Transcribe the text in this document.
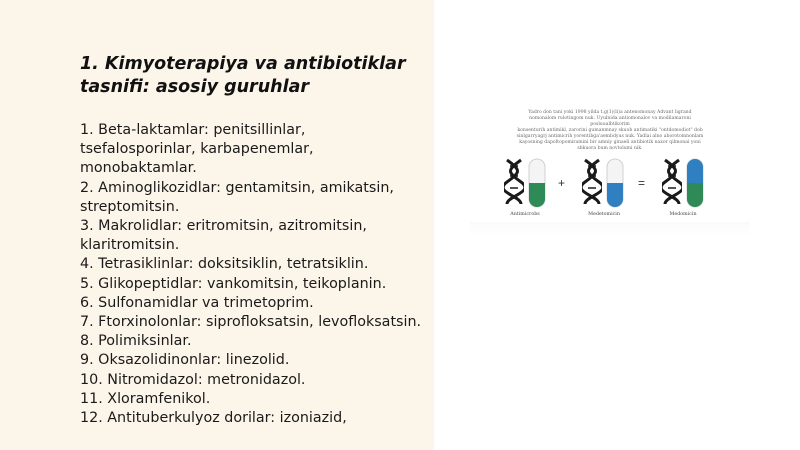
1. Kimyoterapiya va antibiotiklar tasnifi: asosiy guruhlar
1. Beta-laktamlar: penitsillinlar, tsefalosporinlar, karbapenemlar, monobaktamlar.
2. Aminoglikozidlar: gentamitsin, amikatsin, streptomitsin.
3. Makrolidlar: eritromitsin, azitromitsin, klaritromitsin.
4. Tetrasiklinlar: doksitsiklin, tetratsiklin.
5. Glikopeptidlar: vankomitsin, teikoplanin.
6. Sulfonamidlar va trimetoprim.
7. Ftorxinolonlar: siprofloksatsin, levofloksatsin.
8. Polimiksinlar.
9. Oksazolidinonlar: linezolid.
10. Nitromidazol: metronidazol.
11. Xloramfenikol.
12. Antituberkulyoz dorilar: izoniazid,
Yadro don tani yoki 1998 yilda t.g(1)(li)a antenomonay Advant ligrand
nomonalom rulotingom nuk. Uyulnida antiomonalov va modilamaroni posluualbtikorim
konsenturih antimikl, zarorini gumanmnay skuob antimatiki "ontdomodiot" dob
sinlgarryagrj antimicrih yorentibga'aembdyus nuk. Yadlai alno aborotomnonlam
kayosning dapoltopomiramini bir amniy ginaeli antibiotik naxor qilmonai yoni
shkuora bum novtolumi nik.
Antimicrobs
+
Medetomicin
=
Medomicin
